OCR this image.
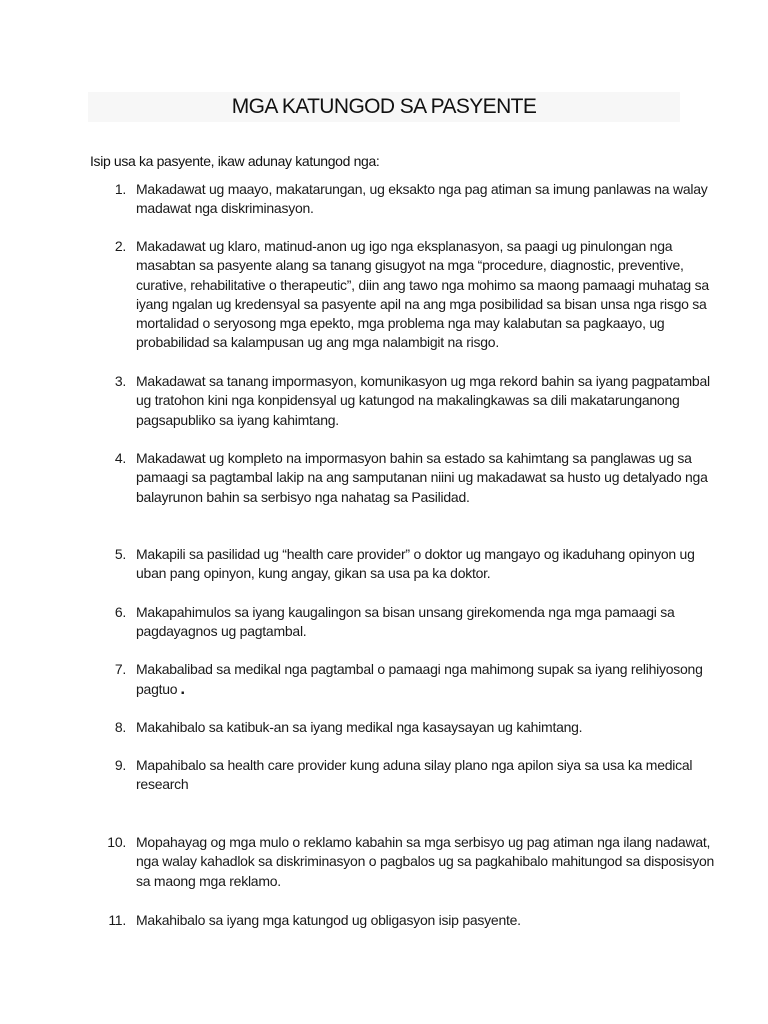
MGA KATUNGOD SA PASYENTE
Isip usa ka pasyente, ikaw adunay katungod nga:
1. Makadawat ug maayo, makatarungan, ug eksakto nga pag atiman sa imung panlawas na walay
madawat nga diskriminasyon.
2. Makadawat ug klaro, matinud-anon ug igo nga eksplanasyon, sa paagi ug pinulongan nga
masabtan sa pasyente alang sa tanang gisugyot na mga “procedure, diagnostic, preventive,
curative, rehabilitative o therapeutic”, diin ang tawo nga mohimo sa maong pamaagi muhatag sa
iyang ngalan ug kredensyal sa pasyente apil na ang mga posibilidad sa bisan unsa nga risgo sa
mortalidad o seryosong mga epekto, mga problema nga may kalabutan sa pagkaayo, ug
probabilidad sa kalampusan ug ang mga nalambigit na risgo.
3. Makadawat sa tanang impormasyon, komunikasyon ug mga rekord bahin sa iyang pagpatambal
ug tratohon kini nga konpidensyal ug katungod na makalingkawas sa dili makatarunganong
pagsapubliko sa iyang kahimtang.
4. Makadawat ug kompleto na impormasyon bahin sa estado sa kahimtang sa panglawas ug sa
pamaagi sa pagtambal lakip na ang samputanan niini ug makadawat sa husto ug detalyado nga
balayrunon bahin sa serbisyo nga nahatag sa Pasilidad.
5. Makapili sa pasilidad ug “health care provider” o doktor ug mangayo og ikaduhang opinyon ug
uban pang opinyon, kung angay, gikan sa usa pa ka doktor.
6. Makapahimulos sa iyang kaugalingon sa bisan unsang girekomenda nga mga pamaagi sa
pagdayagnos ug pagtambal.
7. Makabalibad sa medikal nga pagtambal o pamaagi nga mahimong supak sa iyang relihiyosong
pagtuo .
8. Makahibalo sa katibuk-an sa iyang medikal nga kasaysayan ug kahimtang.
9. Mapahibalo sa health care provider kung aduna silay plano nga apilon siya sa usa ka medical
research
10. Mopahayag og mga mulo o reklamo kabahin sa mga serbisyo ug pag atiman nga ilang nadawat,
nga walay kahadlok sa diskriminasyon o pagbalos ug sa pagkahibalo mahitungod sa disposisyon
sa maong mga reklamo.
11. Makahibalo sa iyang mga katungod ug obligasyon isip pasyente.
